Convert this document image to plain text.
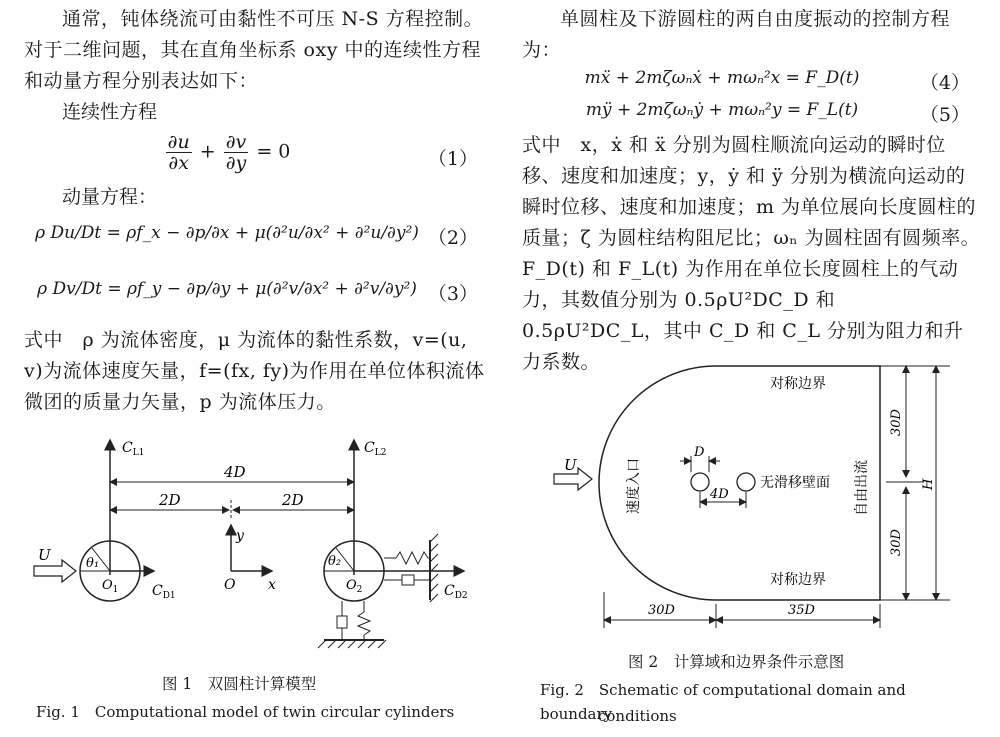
通常，钝体绕流可由黏性不可压 N-S 方程控制。对于二维问题，其在直角坐标系 oxy 中的连续性方程和动量方程分别表达如下：

连续性方程

$\frac{\partial u}{\partial x} + \frac{\partial v}{\partial y} = 0$	（1）

动量方程：

ρ Du/Dt = ρf_x − ∂p/∂x + μ(∂²u/∂x² + ∂²u/∂y²) （2）
ρ Dv/Dt = ρf_y − ∂p/∂y + μ(∂²v/∂x² + ∂²v/∂y²) （3）

式中　ρ 为流体密度，μ 为流体的黏性系数，v=(u, v)为流体速度矢量，f=(fx, fy)为作用在单位体积流体微团的质量力矢量，p 为流体压力。

$C_{L1}$	$C_{L2}$
4D
2D	2D
U	θ₁
$O_1$ $C_{D1}$
y
x
O
θ₂
$O_2$	$C_{D2}$
图 1　双圆柱计算模型
Fig. 1　Computational model of twin circular cylinders

单圆柱及下游圆柱的两自由度振动的控制方程为：

mẍ + 2mζωₙẋ + mωₙ²x = F_D(t)	（4）
mÿ + 2mζωₙẏ + mωₙ²y = F_L(t)	（5）

式中　x，ẋ 和 ẍ 分别为圆柱顺流向运动的瞬时位移、速度和加速度；y，ẏ 和 ÿ 分别为横流向运动的瞬时位移、速度和加速度；m 为单位展向长度圆柱的质量；ζ 为圆柱结构阻尼比；ωₙ 为圆柱固有圆频率。F_D(t) 和 F_L(t) 为作用在单位长度圆柱上的气动力，其数值分别为 0.5ρU²DC_D 和 0.5ρU²DC_L，其中 C_D 和 C_L 分别为阻力和升力系数。

对称边界
对称边界
速度入口	自由出流
无滑移壁面
D
4D
U
30D
30D
H
30D	35D
图 2　计算域和边界条件示意图
Fig. 2　Schematic of computational domain and boundary
conditions
